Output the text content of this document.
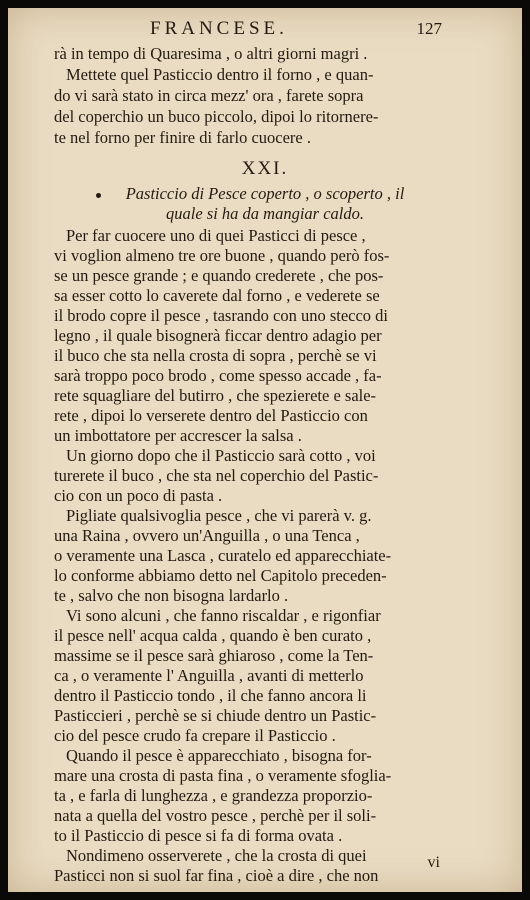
FRANCESE.	127
rà in tempo di Quaresima , o altri giorni magri .
Mettete quel Pasticcio dentro il forno , e quan-
do vi sarà stato in circa mezz' ora , farete sopra
del coperchio un buco piccolo, dipoi lo ritornere-
te nel forno per finire di farlo cuocere .
XXI.
Pasticcio di Pesce coperto , o scoperto , il
quale si ha da mangiar caldo.
Per far cuocere uno di quei Pasticci di pesce ,
vi voglion almeno tre ore buone , quando però fos-
se un pesce grande ; e quando crederete , che pos-
sa esser cotto lo caverete dal forno , e vederete se
il brodo copre il pesce , tasrando con uno stecco di
legno , il quale bisognerà ficcar dentro adagio per
il buco che sta nella crosta di sopra , perchè se vi
sarà troppo poco brodo , come spesso accade , fa-
rete squagliare del butirro , che spezierete e sale-
rete , dipoi lo verserete dentro del Pasticcio con
un imbottatore per accrescer la salsa .
Un giorno dopo che il Pasticcio sarà cotto , voi
turerete il buco , che sta nel coperchio del Pastic-
cio con un poco di pasta .
Pigliate qualsivoglia pesce , che vi parerà v. g.
una Raina , ovvero un'Anguilla , o una Tenca ,
o veramente una Lasca , curatelo ed apparecchiate-
lo conforme abbiamo detto nel Capitolo preceden-
te , salvo che non bisogna lardarlo .
Vi sono alcuni , che fanno riscaldar , e rigonfiar
il pesce nell' acqua calda , quando è ben curato ,
massime se il pesce sarà ghiaroso , come la Ten-
ca , o veramente l' Anguilla , avanti di metterlo
dentro il Pasticcio tondo , il che fanno ancora li
Pasticcieri , perchè se si chiude dentro un Pastic-
cio del pesce crudo fa crepare il Pasticcio .
Quando il pesce è apparecchiato , bisogna for-
mare una crosta di pasta fina , o veramente sfoglia-
ta , e farla di lunghezza , e grandezza proporzio-
nata a quella del vostro pesce , perchè per il soli-
to il Pasticcio di pesce si fa di forma ovata .
Nondimeno osserverete , che la crosta di quei
Pasticci non si suol far fina , cioè a dire , che non
vi
